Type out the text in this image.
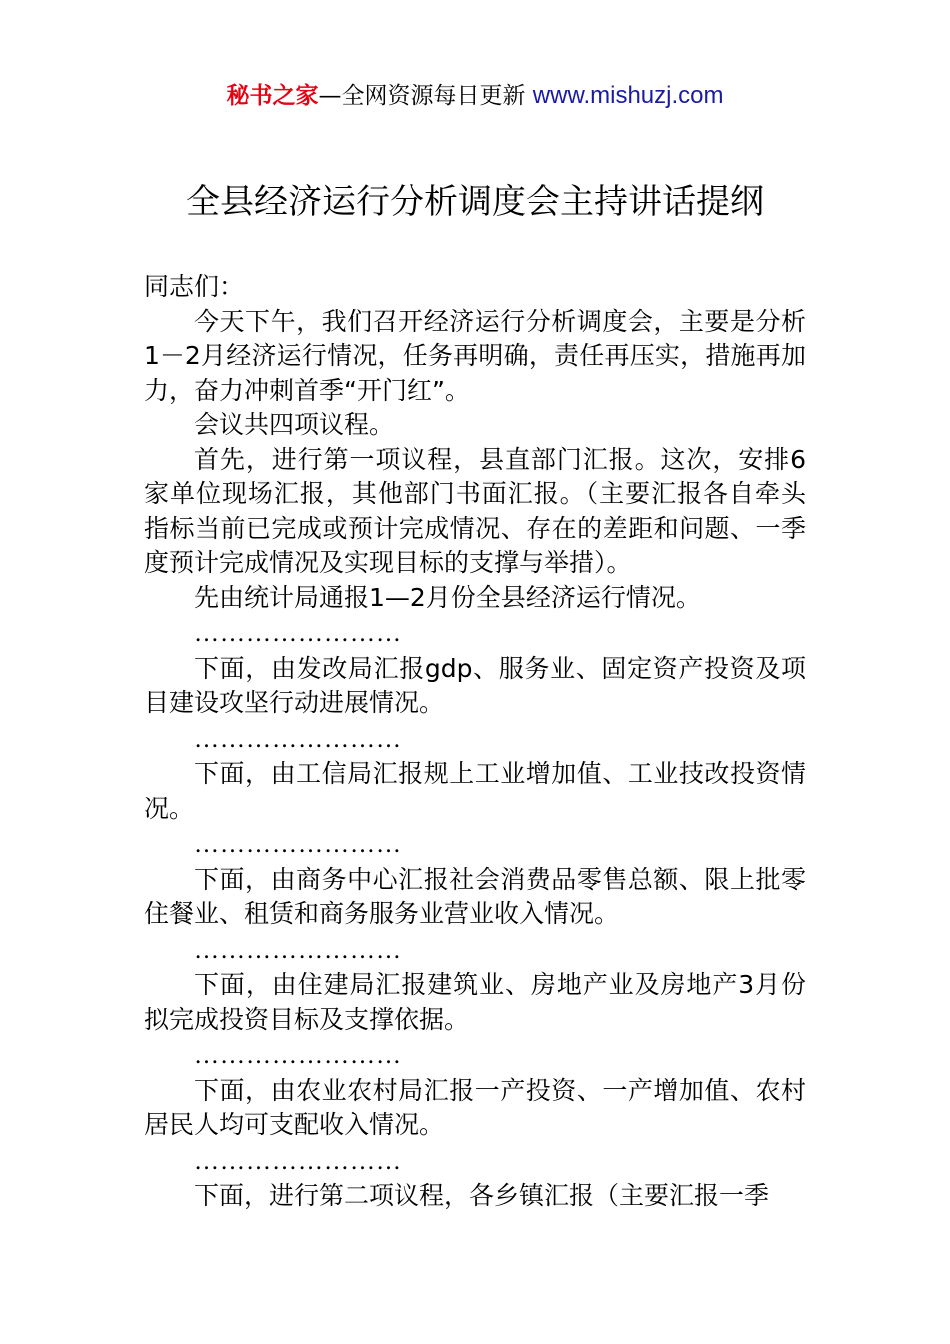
秘书之家—全网资源每日更新 www.mishuzj.com
全县经济运行分析调度会主持讲话提纲

同志们：

今天下午，我们召开经济运行分析调度会，主要是分析1－2月经济运行情况，任务再明确，责任再压实，措施再加力，奋力冲刺首季“开门红”。

会议共四项议程。

首先，进行第一项议程，县直部门汇报。这次，安排6家单位现场汇报，其他部门书面汇报。（主要汇报各自牵头指标当前已完成或预计完成情况、存在的差距和问题、一季度预计完成情况及实现目标的支撑与举措）。

先由统计局通报1—2月份全县经济运行情况。

……………………

下面，由发改局汇报gdp、服务业、固定资产投资及项目建设攻坚行动进展情况。

……………………

下面，由工信局汇报规上工业增加值、工业技改投资情况。

……………………

下面，由商务中心汇报社会消费品零售总额、限上批零住餐业、租赁和商务服务业营业收入情况。

……………………

下面，由住建局汇报建筑业、房地产业及房地产3月份拟完成投资目标及支撑依据。

……………………

下面，由农业农村局汇报一产投资、一产增加值、农村居民人均可支配收入情况。

……………………

下面，进行第二项议程，各乡镇汇报（主要汇报一季
